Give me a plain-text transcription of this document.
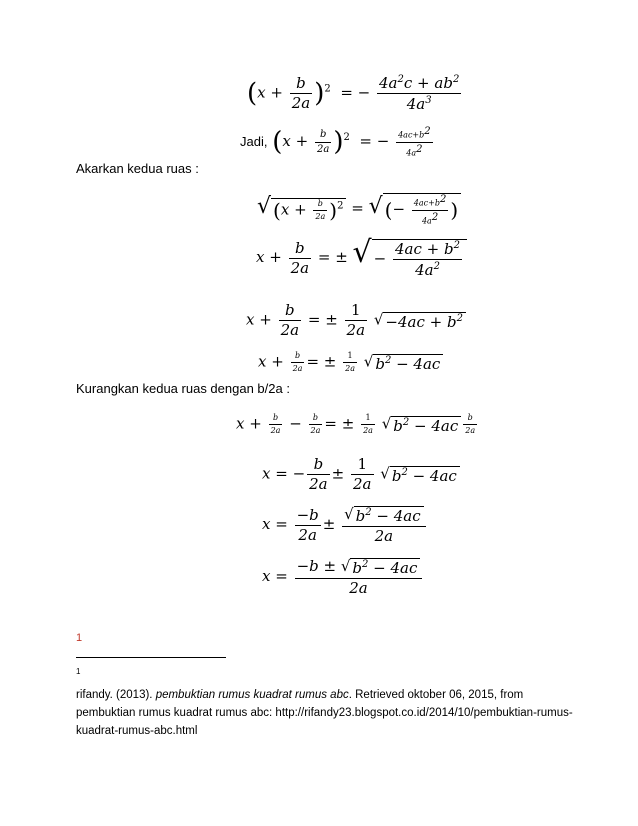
$(x + \frac{b}{2a} )^2$  = − $\frac{4a^2c + ab^2}{4a^3}$
Jadi, $(x + \frac{b}{2a} )^2$  = − $\frac{4ac+b2}{4a2}$
Akarkan kedua ruas :
√ $(x + \frac{b}{2a} )^2$ = √ (− $\frac{4ac+b2}{4a2}$ )
$x + \frac{b}{2a}$ = ± √ − $\frac{4ac + b^2}{4a^2}$
$x + \frac{b}{2a}$ = ± $\frac{1}{2a}$ √ $-4ac + b^2$
$x + \frac{b}{2a}$ = ± $\frac{1}{2a}$ √ $b^2 - 4ac$
Kurangkan kedua ruas dengan b/2a :
$x + \frac{b}{2a} - \frac{b}{2a}$ = ± $\frac{1}{2a}$ √ $b^2 - 4ac \frac{b}{2a}$
x = − $\frac{b}{2a} \pm \frac{1}{2a}$ √ $b^2 - 4ac$
$x = \frac{-b}{2a} \pm \frac{√ b^2 - 4ac}{2a}$
$x = \frac{-b \pm √ b^2 - 4ac}{2a}$
1
1
rifandy. (2013). pembuktian rumus kuadrat rumus abc. Retrieved oktober 06, 2015, from pembuktian rumus kuadrat rumus abc: http://rifandy23.blogspot.co.id/2014/10/pembuktian-rumus-kuadrat-rumus-abc.html
